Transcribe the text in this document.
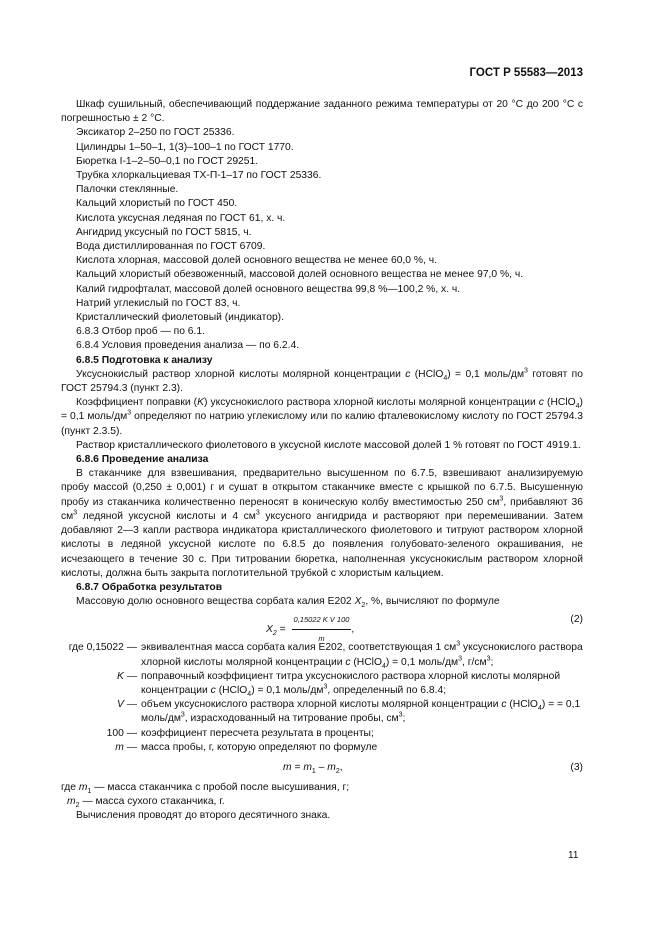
ГОСТ Р 55583—2013

Шкаф сушильный, обеспечивающий поддержание заданного режима температуры от 20 °С до 200 °С с погрешностью ± 2 °С.

Эксикатор 2–250 по ГОСТ 25336.

Цилиндры 1–50–1, 1(3)–100–1 по ГОСТ 1770.

Бюретка I-1–2–50–0,1 по ГОСТ 29251.

Трубка хлоркальциевая ТХ-П-1–17 по ГОСТ 25336.

Палочки стеклянные.

Кальций хлористый по ГОСТ 450.

Кислота уксусная ледяная по ГОСТ 61, х. ч.

Ангидрид уксусный по ГОСТ 5815, ч.

Вода дистиллированная по ГОСТ 6709.

Кислота хлорная, массовой долей основного вещества не менее 60,0 %, ч.

Кальций хлористый обезвоженный, массовой долей основного вещества не менее 97,0 %, ч.

Калий гидрофталат, массовой долей основного вещества 99,8 %—100,2 %, х. ч.

Натрий углекислый по ГОСТ 83, ч.

Кристаллический фиолетовый (индикатор).

6.8.3 Отбор проб — по 6.1.

6.8.4 Условия проведения анализа — по 6.2.4.

6.8.5 Подготовка к анализу

Уксуснокислый раствор хлорной кислоты молярной концентрации с (HClO$_4$) = 0,1 моль/$дм^3$ готовят по ГОСТ 25794.3 (пункт 2.3).

Коэффициент поправки (K) уксуснокислого раствора хлорной кислоты молярной концентрации с (HClO$_4$) = 0,1 моль/$дм^3$ определяют по натрию углекислому или по калию фталевокислому кислоту по ГОСТ 25794.3 (пункт 2.3.5).

Раствор кристаллического фиолетового в уксусной кислоте массовой долей 1 % готовят по ГОСТ 4919.1.

6.8.6 Проведение анализа

В стаканчике для взвешивания, предварительно высушенном по 6.7.5, взвешивают анализируемую пробу массой (0,250 ± 0,001) г и сушат в открытом стаканчике вместе с крышкой по 6.7.5. Высушенную пробу из стаканчика количественно переносят в коническую колбу вместимостью 250 $см^3$, прибавляют 36 $см^3$ ледяной уксусной кислоты и 4 $см^3$ уксусного ангидрида и растворяют при перемешивании. Затем добавляют 2—3 капли раствора индикатора кристаллического фиолетового и титруют раствором хлорной кислоты в ледяной уксусной кислоте по 6.8.5 до появления голубовато-зеленого окрашивания, не исчезающего в течение 30 с. При титровании бюретка, наполненная уксуснокислым раствором хлорной кислоты, должна быть закрыта поглотительной трубкой с хлористым кальцием.

6.8.7 Обработка результатов

Массовую долю основного вещества сорбата калия E202 $X_2$, %, вычисляют по формуле

$X_2 = \frac{\text{0,15022 K V 100}}{m}$ ,
(2)
где 0,15022 — эквивалентная масса сорбата калия E202, соответствующая 1 $см^3$ уксуснокислого раствора хлорной кислоты молярной концентрации с (HClO$_4$) = 0,1 моль/$дм^3$, $г/см^3$;
K — поправочный коэффициент титра уксуснокислого раствора хлорной кислоты молярной концентрации с (HClO$_4$) = 0,1 моль/$дм^3$, определенный по 6.8.4;
V — объем уксуснокислого раствора хлорной кислоты молярной концентрации с (HClO$_4$) = = 0,1 моль/$дм^3$, израсходованный на титрование пробы, $см^3$;
100 — коэффициент пересчета результата в проценты;
m — масса пробы, г, которую определяют по формуле
$m = m_1 - m_2$,	(3)

где $m_1$ — масса стаканчика с пробой после высушивания, г;

$m_2$ — масса сухого стаканчика, г.

Вычисления проводят до второго десятичного знака.

11
